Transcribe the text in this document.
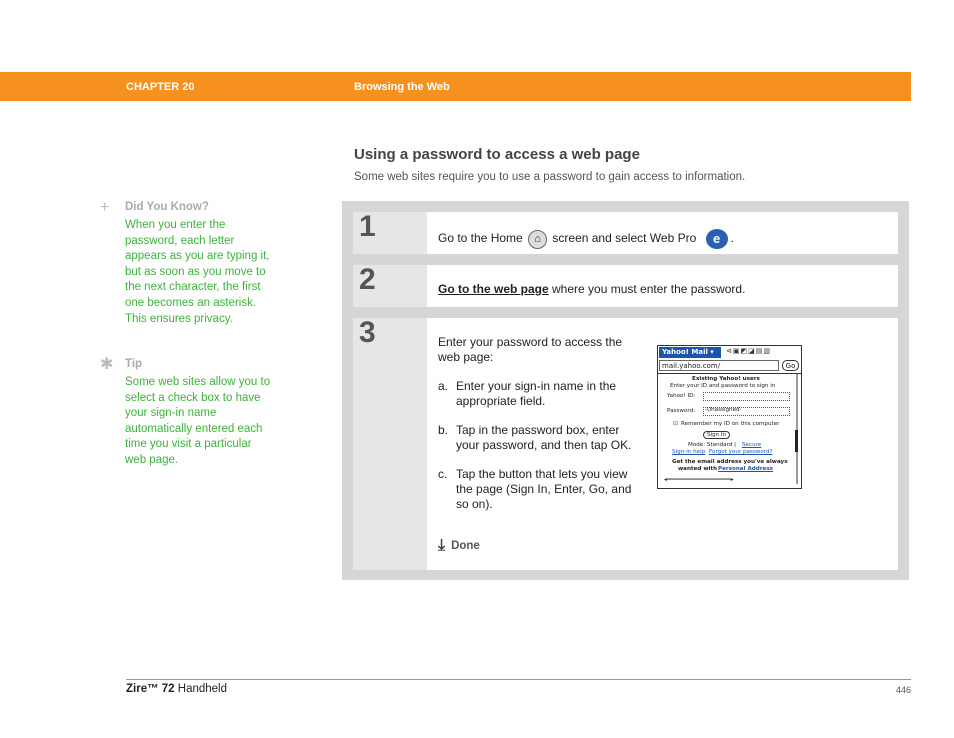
CHAPTER 20	Browsing the Web
Using a password to access a web page
Some web sites require you to use a password to gain access to information.
+ Did You Know?
When you enter the password, each letter appears as you are typing it, but as soon as you move to the next character, the first one becomes an asterisk. This ensures privacy.
✱ Tip
Some web sites allow you to select a check box to have your sign-in name automatically entered each time you visit a particular web page.
1	Go to the Home ⌂ screen and select Web Pro e .
2	Go to the web page where you must enter the password.
3	Enter your password to access the web page:

a. Enter your sign-in name in the appropriate field.
b. Tap in the password box, enter your password, and then tap OK.
c. Tap the button that lets you view the page (Sign In, Enter, Go, and so on).
⤓ Done
Yahoo! Mail ▾	⊲▣◩◪▤▥
mail.yahoo.com/	Go
Existing Yahoo! users
Enter your ID and password to sign in
Yahoo! ID:
Password: -Unassigned-
☑ Remember my ID on this computer
Sign In
Mode: Standard | Secure
Sign-in help Forgot your password?
Get the email address you've always
wanted with Personal Address
◂━━━━━━━━━━━━━━━━━━━▸
Zire™ 72 Handheld	446
